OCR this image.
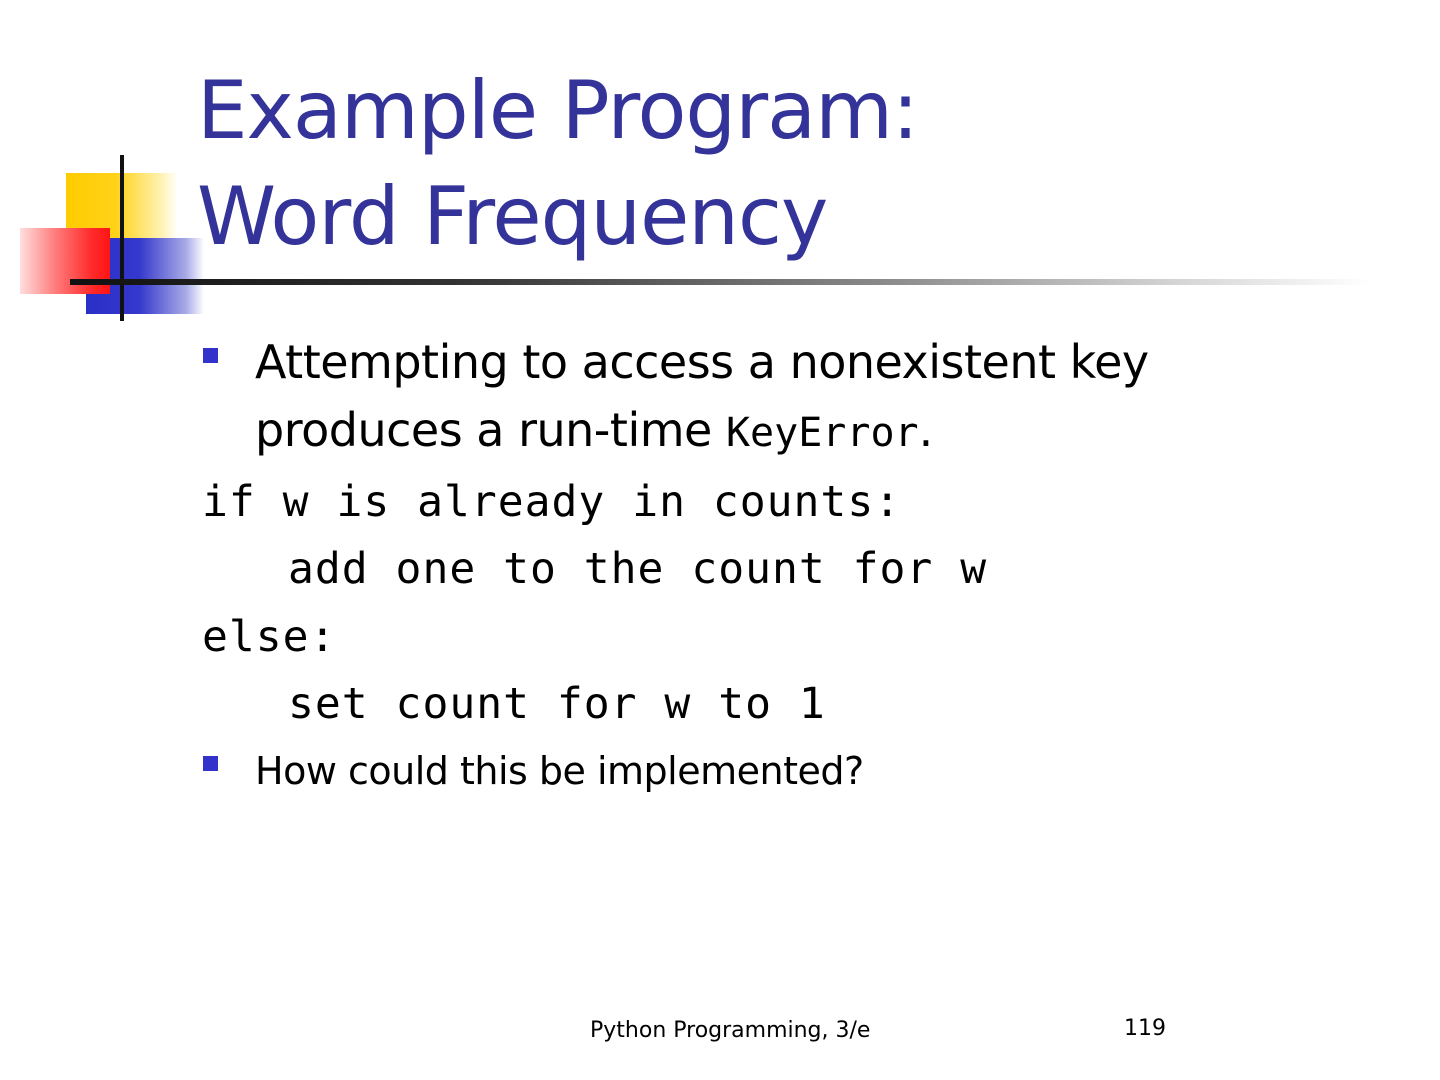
Example Program:
Word Frequency
Attempting to access a nonexistent key produces a run-time KeyError.
if w is already in counts:
add one to the count for w
else:
set count for w to 1
How could this be implemented?
Python Programming, 3/e	119
